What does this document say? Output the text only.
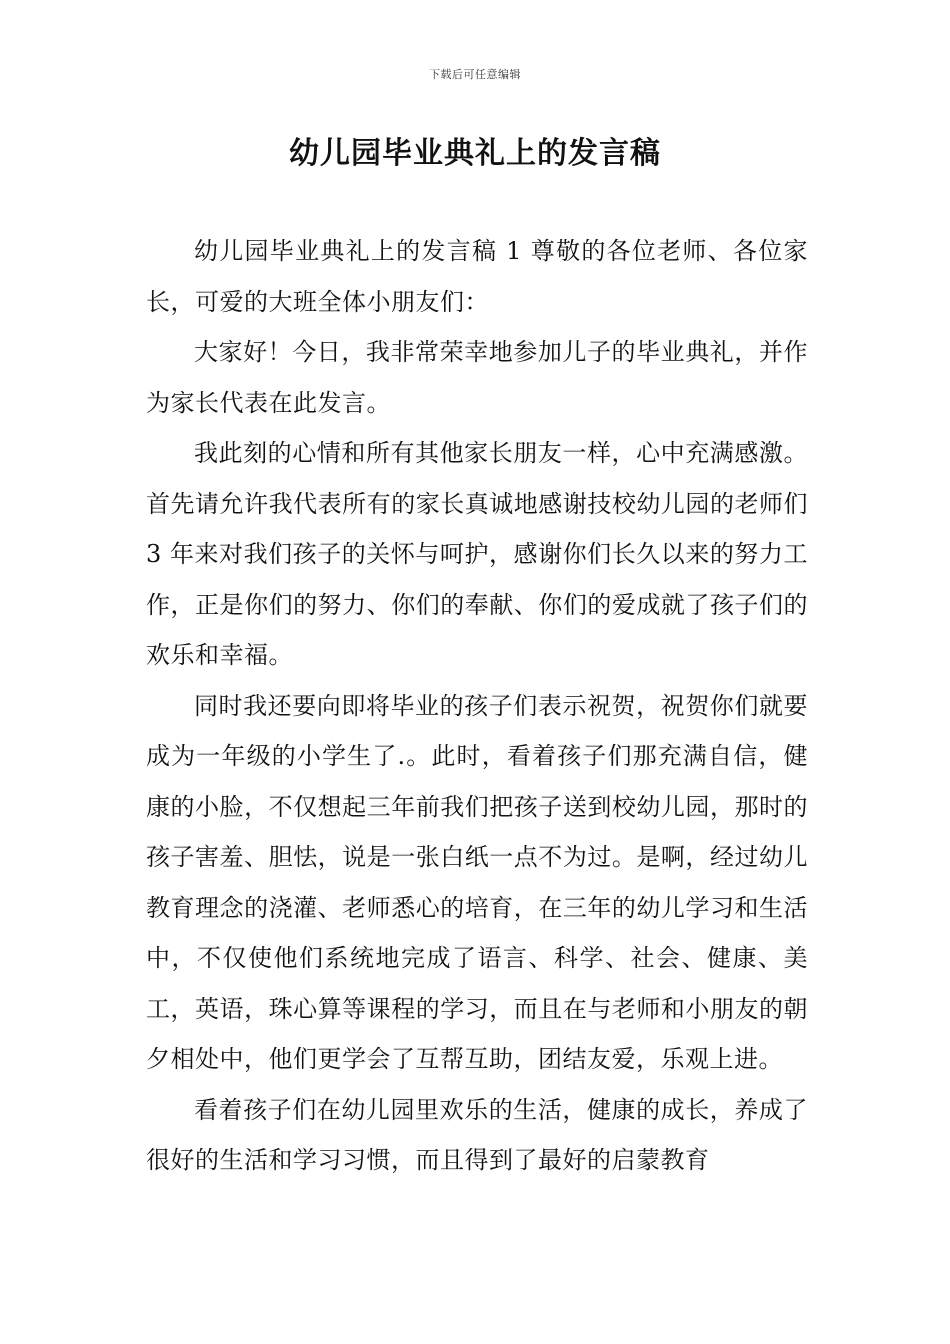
下载后可任意编辑
幼儿园毕业典礼上的发言稿

幼儿园毕业典礼上的发言稿 1 尊敬的各位老师、各位家长，可爱的大班全体小朋友们：

大家好！今日，我非常荣幸地参加儿子的毕业典礼，并作为家长代表在此发言。

我此刻的心情和所有其他家长朋友一样，心中充满感激。首先请允许我代表所有的家长真诚地感谢技校幼儿园的老师们 3 年来对我们孩子的关怀与呵护，感谢你们长久以来的努力工作，正是你们的努力、你们的奉献、你们的爱成就了孩子们的欢乐和幸福。

同时我还要向即将毕业的孩子们表示祝贺，祝贺你们就要成为一年级的小学生了.。此时，看着孩子们那充满自信，健康的小脸，不仅想起三年前我们把孩子送到校幼儿园，那时的孩子害羞、胆怯，说是一张白纸一点不为过。是啊，经过幼儿教育理念的浇灌、老师悉心的培育，在三年的幼儿学习和生活中，不仅使他们系统地完成了语言、科学、社会、健康、美工，英语，珠心算等课程的学习，而且在与老师和小朋友的朝夕相处中，他们更学会了互帮互助，团结友爱，乐观上进。

看着孩子们在幼儿园里欢乐的生活，健康的成长，养成了很好的生活和学习习惯，而且得到了最好的启蒙教育
